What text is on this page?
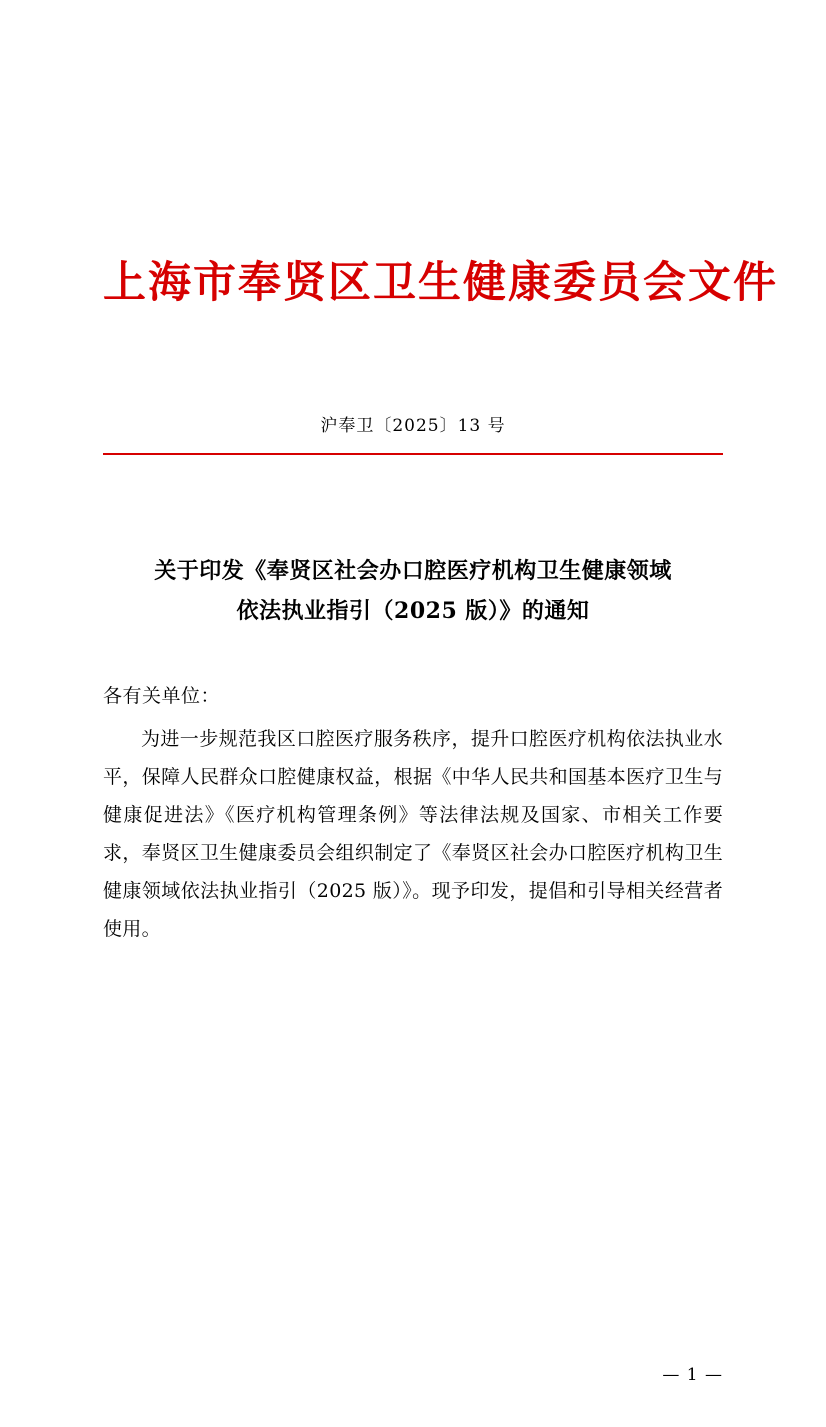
上海市奉贤区卫生健康委员会文件
沪奉卫〔2025〕13 号
关于印发《奉贤区社会办口腔医疗机构卫生健康领域
依法执业指引（2025 版）》的通知
各有关单位：
为进一步规范我区口腔医疗服务秩序，提升口腔医疗机构依法执业水平，保障人民群众口腔健康权益，根据《中华人民共和国基本医疗卫生与健康促进法》《医疗机构管理条例》等法律法规及国家、市相关工作要求，奉贤区卫生健康委员会组织制定了《奉贤区社会办口腔医疗机构卫生健康领域依法执业指引（2025 版）》。现予印发，提倡和引导相关经营者使用。
— 1 —
